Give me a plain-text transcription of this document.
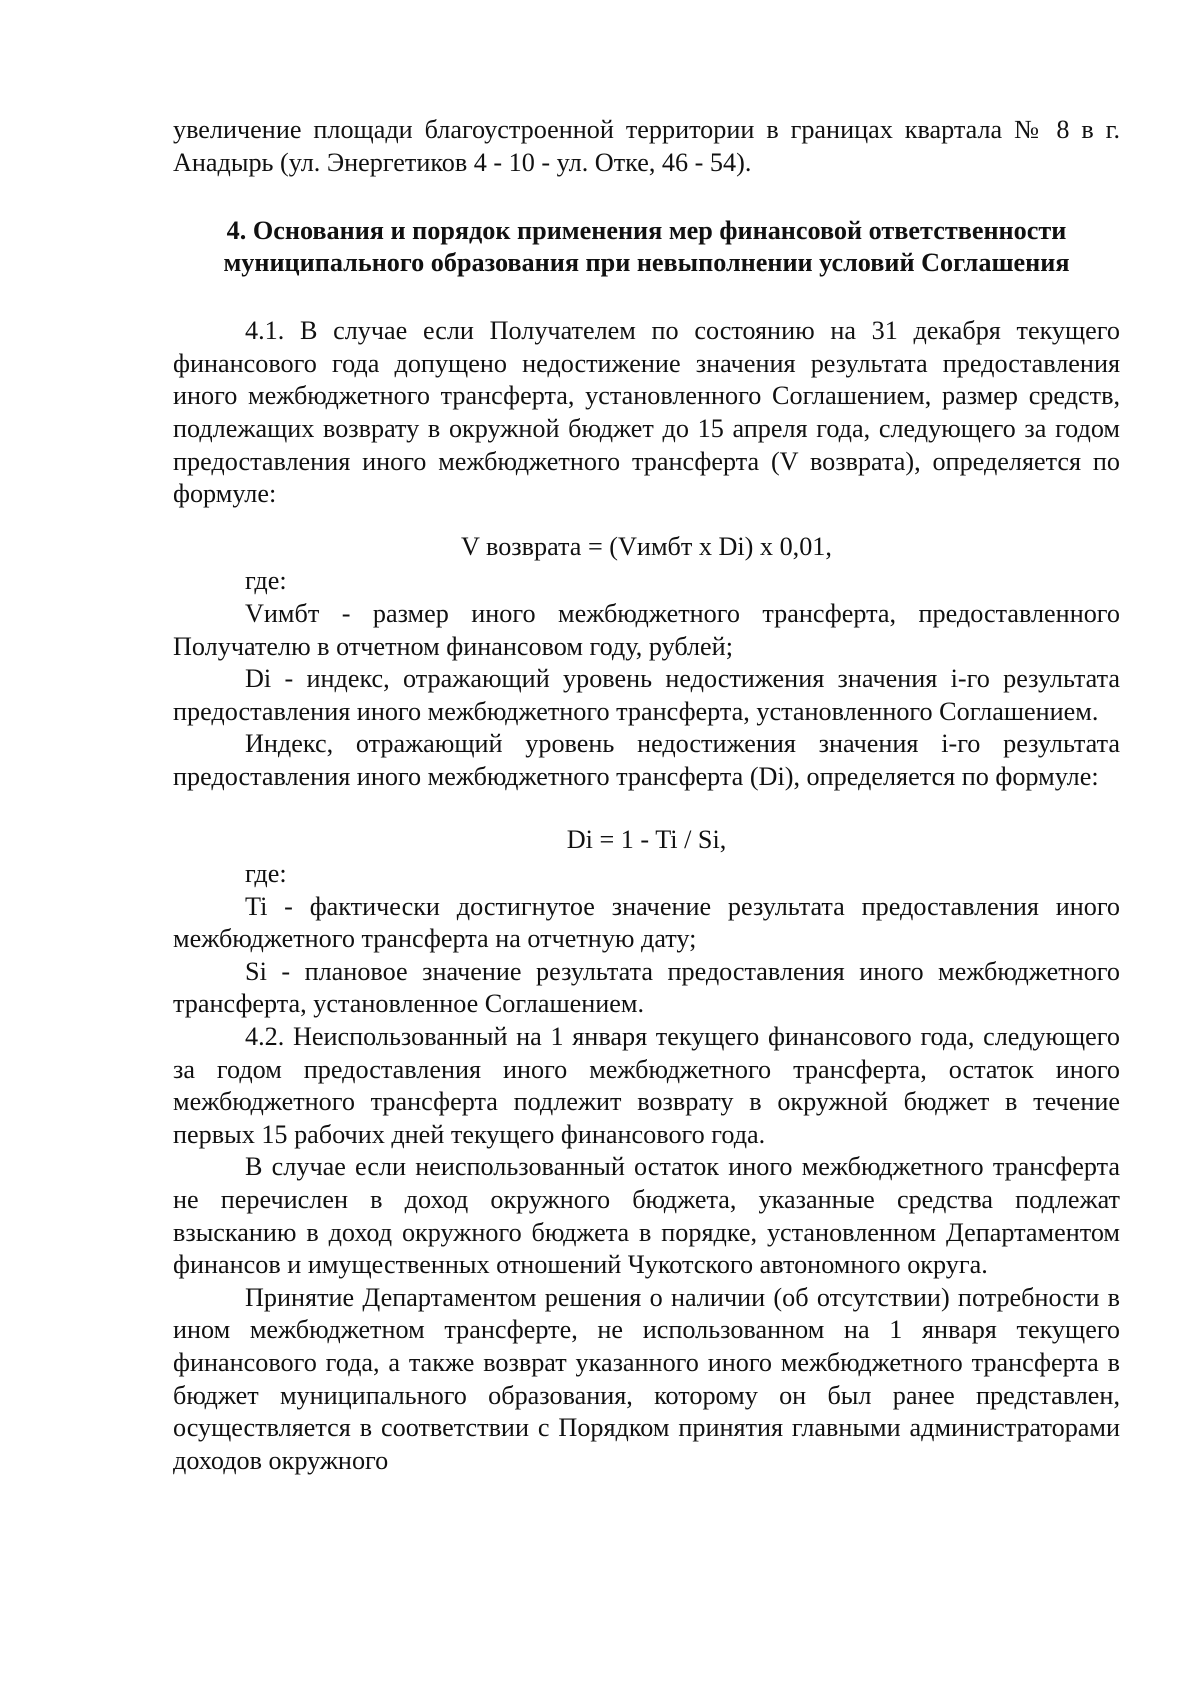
увеличение площади благоустроенной территории в границах квартала № 8 в г. Анадырь (ул. Энергетиков 4 - 10 - ул. Отке, 46 - 54).

4. Основания и порядок применения мер финансовой ответственности
муниципального образования при невыполнении условий Соглашения

4.1. В случае если Получателем по состоянию на 31 декабря текущего финансового года допущено недостижение значения результата предоставления иного межбюджетного трансферта, установленного Соглашением, размер средств, подлежащих возврату в окружной бюджет до 15 апреля года, следующего за годом предоставления иного межбюджетного трансферта (V возврата), определяется по формуле:

V возврата = (Vимбт x Di) x 0,01,

где:

Vимбт - размер иного межбюджетного трансферта, предоставленного Получателю в отчетном финансовом году, рублей;

Di - индекс, отражающий уровень недостижения значения i-го результата предоставления иного межбюджетного трансферта, установленного Соглашением.

Индекс, отражающий уровень недостижения значения i-го результата предоставления иного межбюджетного трансферта (Di), определяется по формуле:

Di = 1 - Ti / Si,

где:

Ti - фактически достигнутое значение результата предоставления иного межбюджетного трансферта на отчетную дату;

Si - плановое значение результата предоставления иного межбюджетного трансферта, установленное Соглашением.

4.2. Неиспользованный на 1 января текущего финансового года, следующего за годом предоставления иного межбюджетного трансферта, остаток иного межбюджетного трансферта подлежит возврату в окружной бюджет в течение первых 15 рабочих дней текущего финансового года.

В случае если неиспользованный остаток иного межбюджетного трансферта не перечислен в доход окружного бюджета, указанные средства подлежат взысканию в доход окружного бюджета в порядке, установленном Департаментом финансов и имущественных отношений Чукотского автономного округа.

Принятие Департаментом решения о наличии (об отсутствии) потребности в ином межбюджетном трансферте, не использованном на 1 января текущего финансового года, а также возврат указанного иного межбюджетного трансферта в бюджет муниципального образования, которому он был ранее представлен, осуществляется в соответствии с Порядком принятия главными администраторами доходов окружного
